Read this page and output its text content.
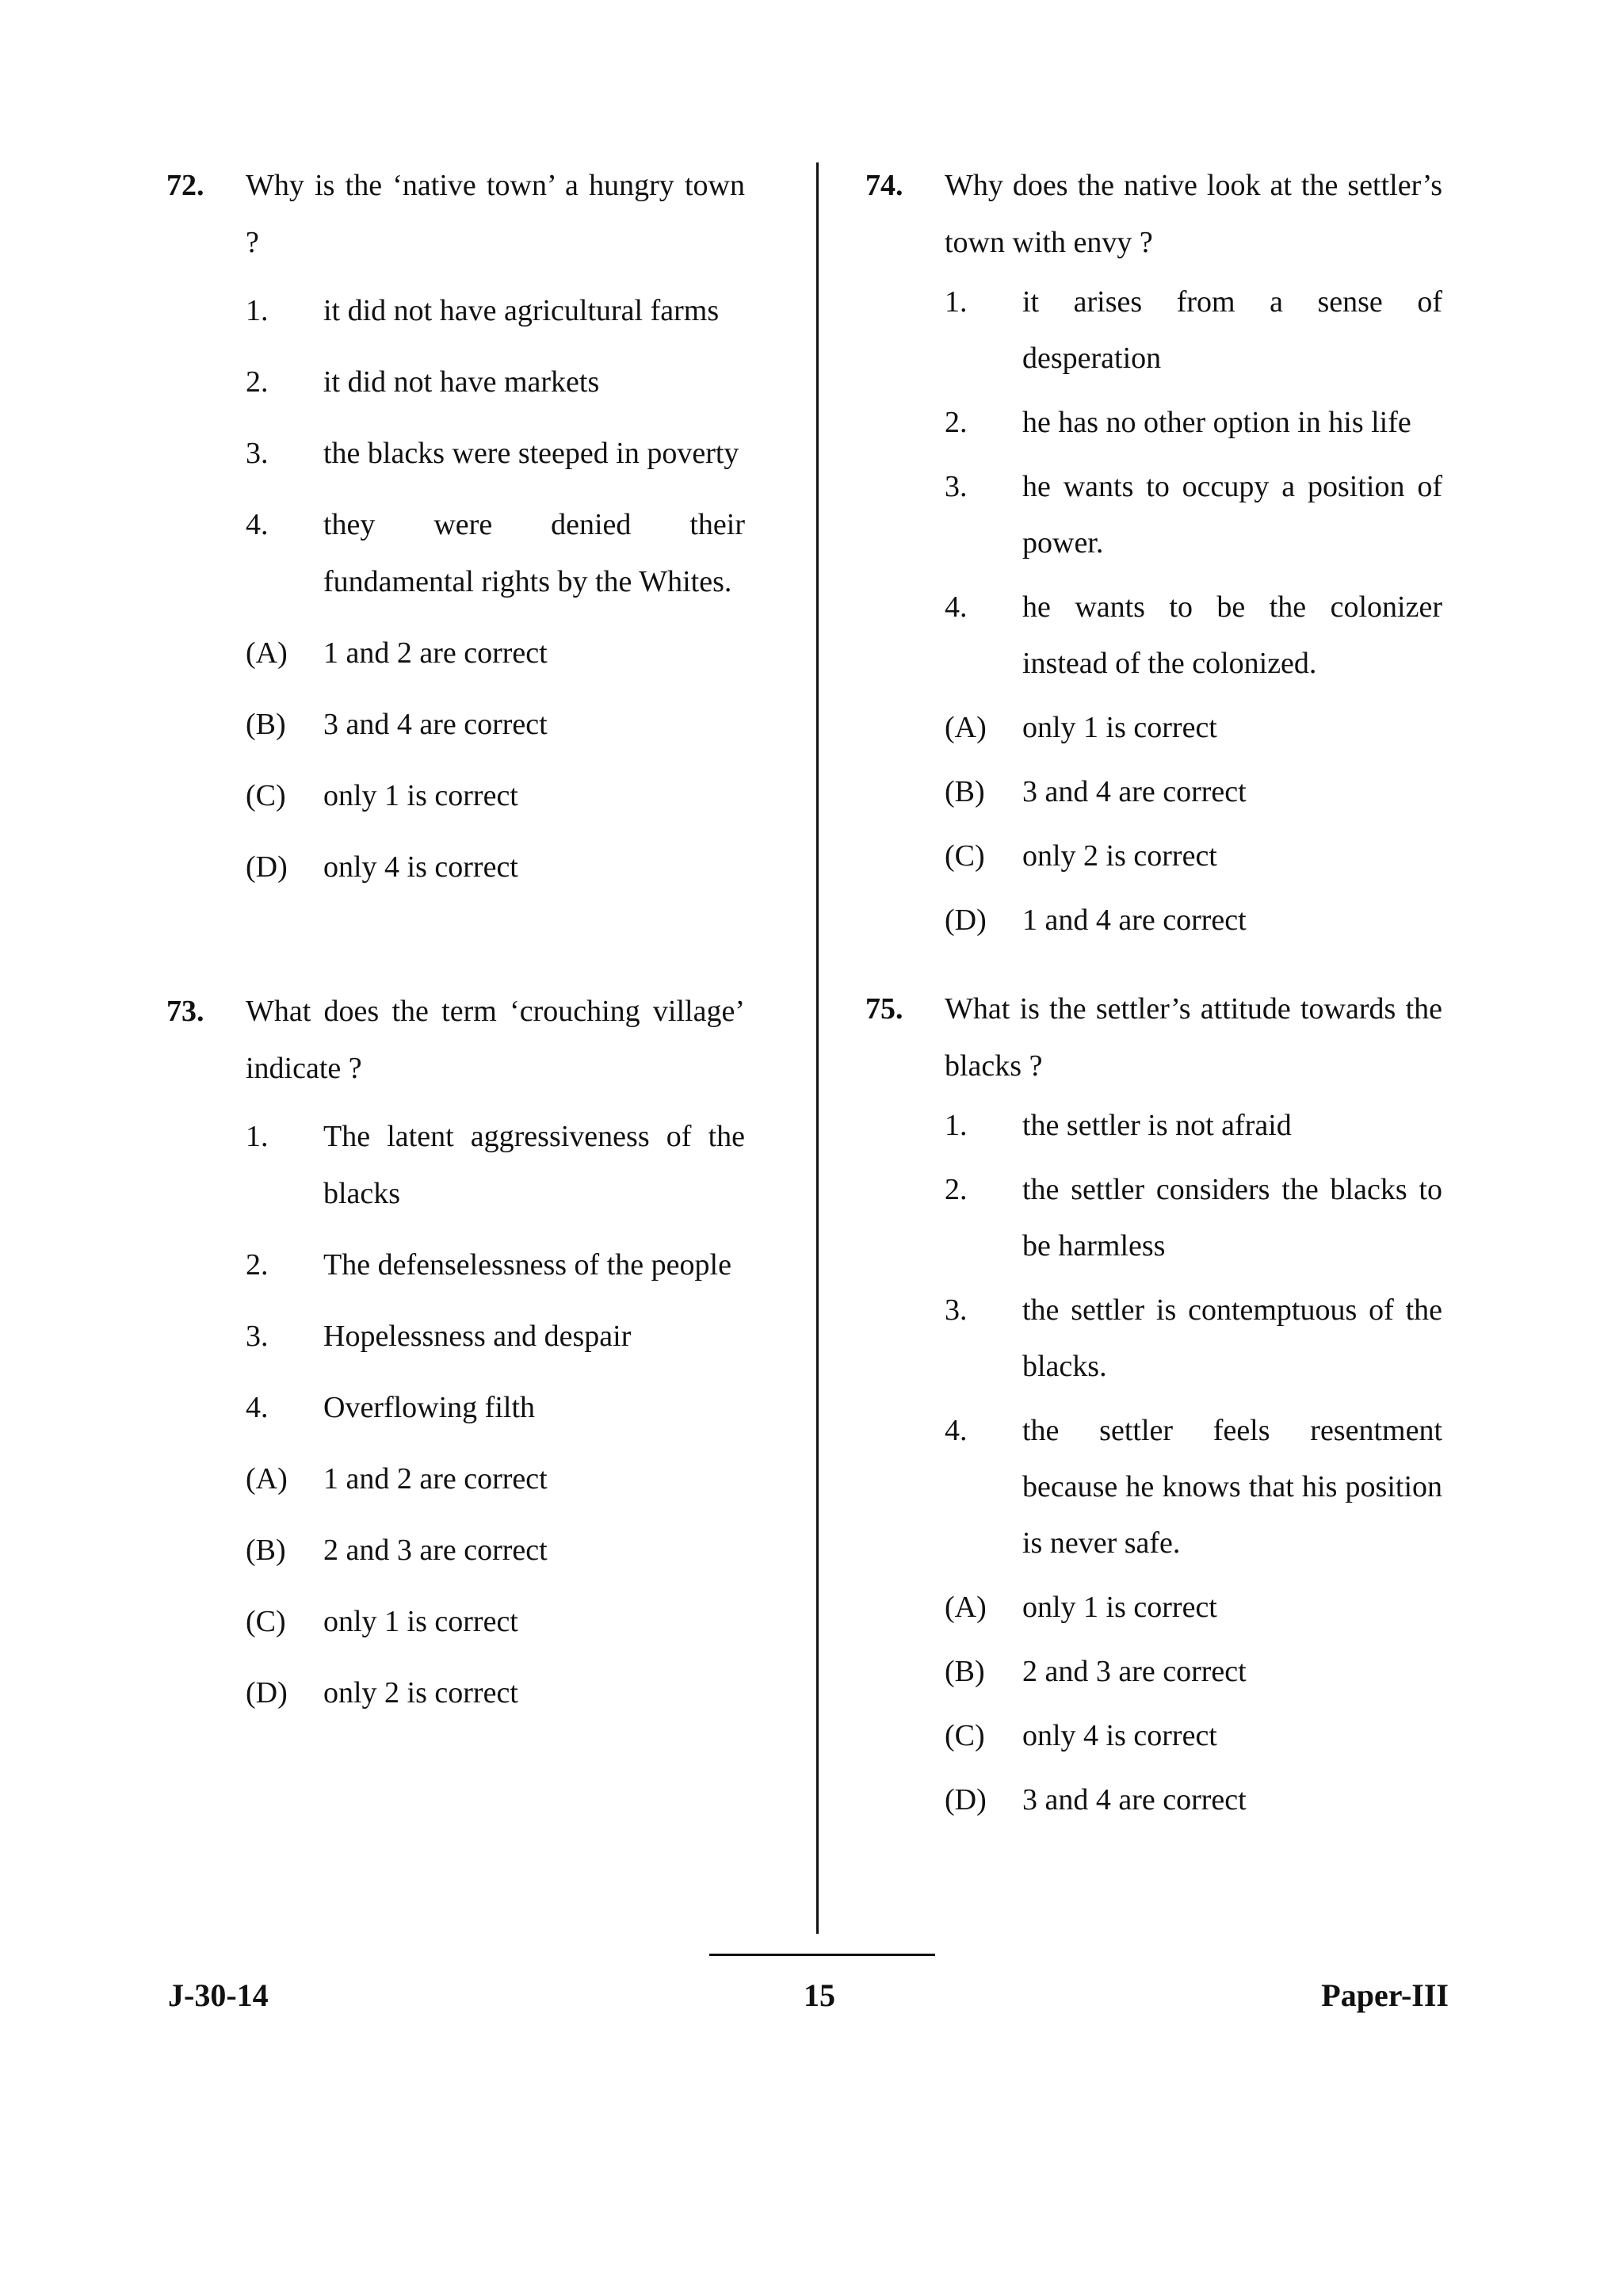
72. Why is the ‘native town’ a hungry town ?
1. it did not have agricultural farms
2. it did not have markets
3. the blacks were steeped in poverty
4. they were denied their fundamental rights by the Whites.
(A) 1 and 2 are correct
(B) 3 and 4 are correct
(C) only 1 is correct
(D) only 4 is correct
73. What does the term ‘crouching village’ indicate ?
1. The latent aggressiveness of the blacks
2. The defenselessness of the people
3. Hopelessness and despair
4. Overflowing filth
(A) 1 and 2 are correct
(B) 2 and 3 are correct
(C) only 1 is correct
(D) only 2 is correct
74. Why does the native look at the settler’s town with envy ?
1. it arises from a sense of desperation
2. he has no other option in his life
3. he wants to occupy a position of power.
4. he wants to be the colonizer instead of the colonized.
(A) only 1 is correct
(B) 3 and 4 are correct
(C) only 2 is correct
(D) 1 and 4 are correct
75. What is the settler’s attitude towards the blacks ?
1. the settler is not afraid
2. the settler considers the blacks to be harmless
3. the settler is contemptuous of the blacks.
4. the settler feels resentment because he knows that his position is never safe.
(A) only 1 is correct
(B) 2 and 3 are correct
(C) only 4 is correct
(D) 3 and 4 are correct
J-30-14	15	Paper-III
